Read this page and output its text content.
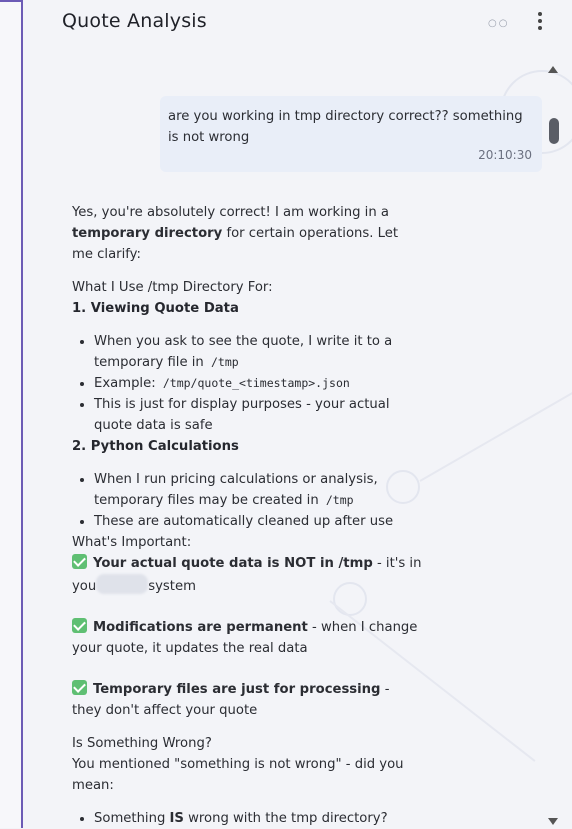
Quote Analysis	○○
are you working in tmp directory correct?? something is not wrong
20:10:30

Yes, you're absolutely correct! I am working in a temporary directory for certain operations. Let me clarify:

What I Use /tmp Directory For:

1. Viewing Quote Data

• When you ask to see the quote, I write it to a temporary file in /tmp
• Example: /tmp/quote_<timestamp>.json
• This is just for display purposes - your actual quote data is safe

2. Python Calculations

• When I run pricing calculations or analysis, temporary files may be created in /tmp
• These are automatically cleaned up after use

What's Important:

Your actual quote data is NOT in /tmp - it's in you	system

Modifications are permanent - when I change your quote, it updates the real data

Temporary files are just for processing - they don't affect your quote

Is Something Wrong?

You mentioned "something is not wrong" - did you mean:

• Something IS wrong with the tmp directory?
